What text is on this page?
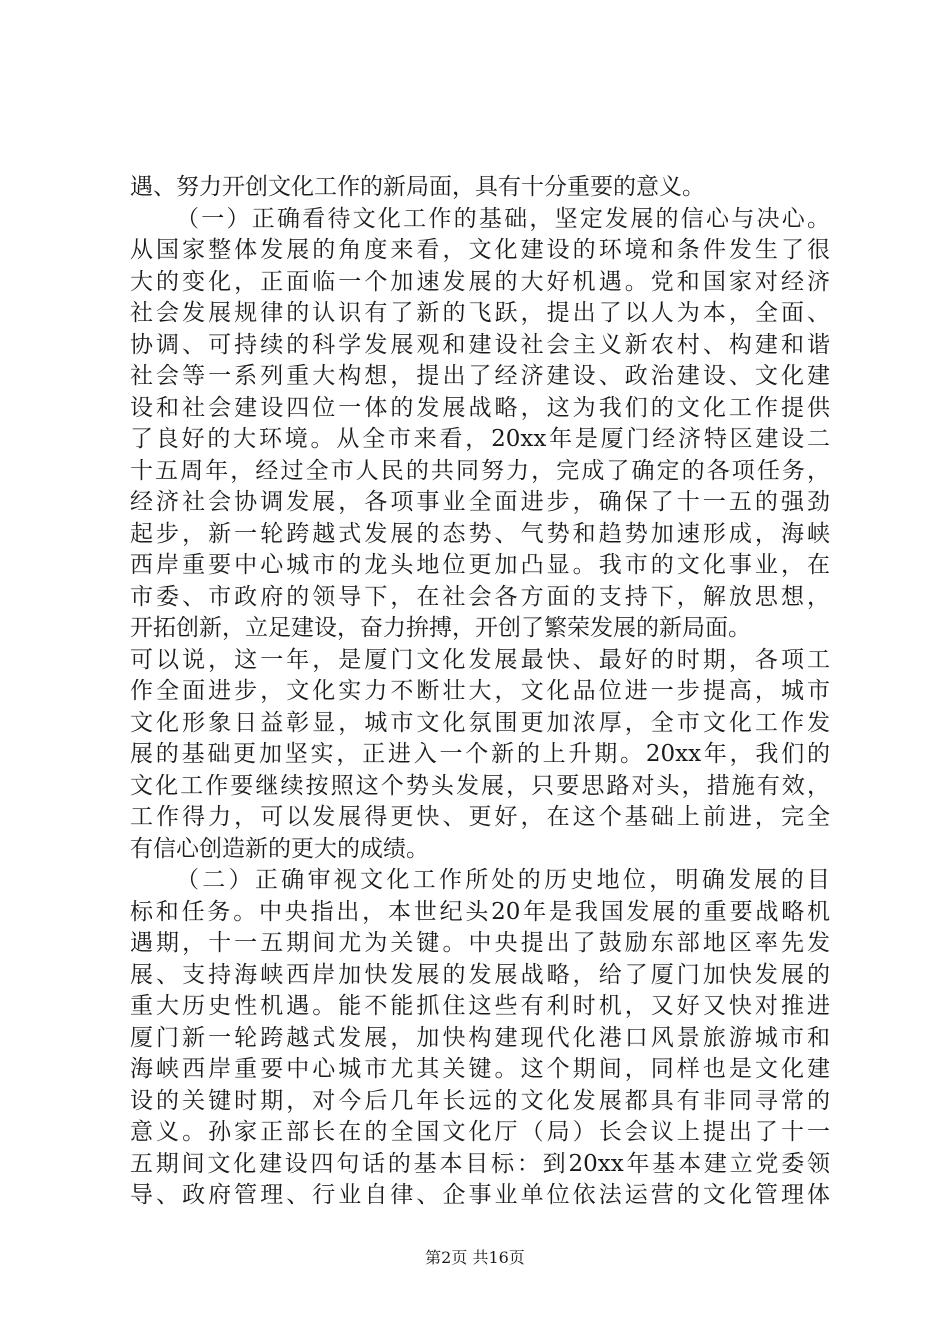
遇、努力开创文化工作的新局面，具有十分重要的意义。
（一）正确看待文化工作的基础，坚定发展的信心与决心。
从国家整体发展的角度来看，文化建设的环境和条件发生了很
大的变化，正面临一个加速发展的大好机遇。党和国家对经济
社会发展规律的认识有了新的飞跃，提出了以人为本，全面、
协调、可持续的科学发展观和建设社会主义新农村、构建和谐
社会等一系列重大构想，提出了经济建设、政治建设、文化建
设和社会建设四位一体的发展战略，这为我们的文化工作提供
了良好的大环境。从全市来看，20xx年是厦门经济特区建设二
十五周年，经过全市人民的共同努力，完成了确定的各项任务，
经济社会协调发展，各项事业全面进步，确保了十一五的强劲
起步，新一轮跨越式发展的态势、气势和趋势加速形成，海峡
西岸重要中心城市的龙头地位更加凸显。我市的文化事业，在
市委、市政府的领导下，在社会各方面的支持下，解放思想，
开拓创新，立足建设，奋力拚搏，开创了繁荣发展的新局面。
可以说，这一年，是厦门文化发展最快、最好的时期，各项工
作全面进步，文化实力不断壮大，文化品位进一步提高，城市
文化形象日益彰显，城市文化氛围更加浓厚，全市文化工作发
展的基础更加坚实，正进入一个新的上升期。20xx年，我们的
文化工作要继续按照这个势头发展，只要思路对头，措施有效，
工作得力，可以发展得更快、更好，在这个基础上前进，完全
有信心创造新的更大的成绩。
（二）正确审视文化工作所处的历史地位，明确发展的目
标和任务。中央指出，本世纪头20年是我国发展的重要战略机
遇期，十一五期间尤为关键。中央提出了鼓励东部地区率先发
展、支持海峡西岸加快发展的发展战略，给了厦门加快发展的
重大历史性机遇。能不能抓住这些有利时机，又好又快对推进
厦门新一轮跨越式发展，加快构建现代化港口风景旅游城市和
海峡西岸重要中心城市尤其关键。这个期间，同样也是文化建
设的关键时期，对今后几年长远的文化发展都具有非同寻常的
意义。孙家正部长在的全国文化厅（局）长会议上提出了十一
五期间文化建设四句话的基本目标：到20xx年基本建立党委领
导、政府管理、行业自律、企事业单位依法运营的文化管理体
第2页 共16页
